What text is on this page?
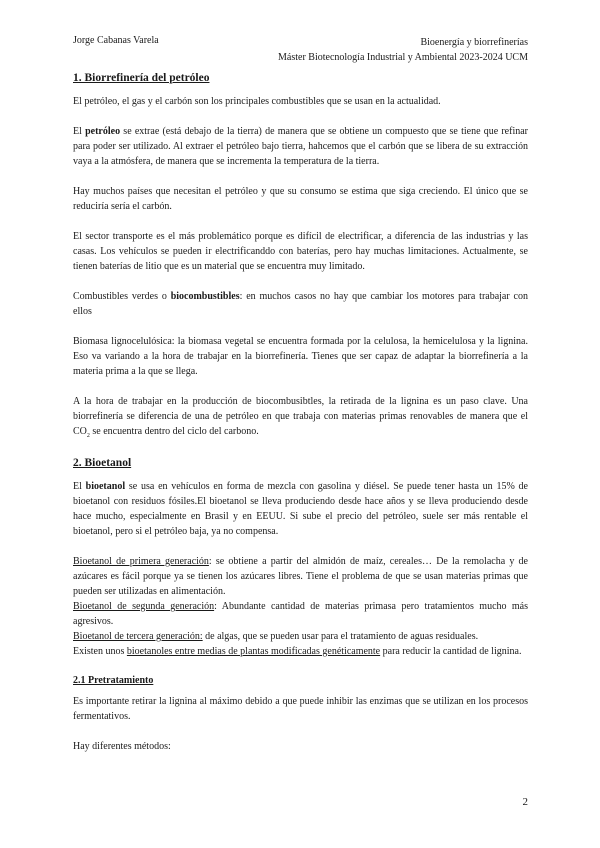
Jorge Cabanas Varela	Bioenergía y biorrefinerías
Máster Biotecnología Industrial y Ambiental 2023-2024 UCM
1. Biorrefinería del petróleo

El petróleo, el gas y el carbón son los principales combustibles que se usan en la actualidad.

El petróleo se extrae (está debajo de la tierra) de manera que se obtiene un compuesto que se tiene que refinar para poder ser utilizado. Al extraer el petróleo bajo tierra, hahcemos que el carbón que se libera de su extracción vaya a la atmósfera, de manera que se incrementa la temperatura de la tierra.

Hay muchos países que necesitan el petróleo y que su consumo se estima que siga creciendo. El único que se reduciría sería el carbón.

El sector transporte es el más problemático porque es difícil de electrificar, a diferencia de las industrias y las casas. Los vehículos se pueden ir electrificanddo con baterías, pero hay muchas limitaciones. Actualmente, se tienen baterías de litio que es un material que se encuentra muy limitado.

Combustibles verdes o biocombustibles: en muchos casos no hay que cambiar los motores para trabajar con ellos

Biomasa lignocelulósica: la biomasa vegetal se encuentra formada por la celulosa, la hemicelulosa y la lignina. Eso va variando a la hora de trabajar en la biorrefinería. Tienes que ser capaz de adaptar la biorrefinería a la materia prima a la que se llega.

A la hora de trabajar en la producción de biocombusibtles, la retirada de la lignina es un paso clave. Una biorrefinería se diferencia de una de petróleo en que trabaja con materias primas renovables de manera que el $CO_2$ se encuentra dentro del ciclo del carbono.

2. Bioetanol

El bioetanol se usa en vehículos en forma de mezcla con gasolina y diésel. Se puede tener hasta un 15% de bioetanol con residuos fósiles.El bioetanol se lleva produciendo desde hace años y se lleva produciendo desde hace mucho, especialmente en Brasil y en EEUU. Si sube el precio del petróleo, suele ser más rentable el bioetanol, pero si el petróleo baja, ya no compensa.

Bioetanol de primera generación: se obtiene a partir del almidón de maíz, cereales… De la remolacha y de azúcares es fácil porque ya se tienen los azúcares libres. Tiene el problema de que se usan materias primas que pueden ser utilizadas en alimentación.

Bioetanol de segunda generación: Abundante cantidad de materias primasa pero tratamientos mucho más agresivos.

Bioetanol de tercera generación: de algas, que se pueden usar para el tratamiento de aguas residuales.

Existen unos bioetanoles entre medias de plantas modificadas genéticamente para reducir la cantidad de lignina.

2.1 Pretratamiento

Es importante retirar la lignina al máximo debido a que puede inhibir las enzimas que se utilizan en los procesos fermentativos.

Hay diferentes métodos:

2
